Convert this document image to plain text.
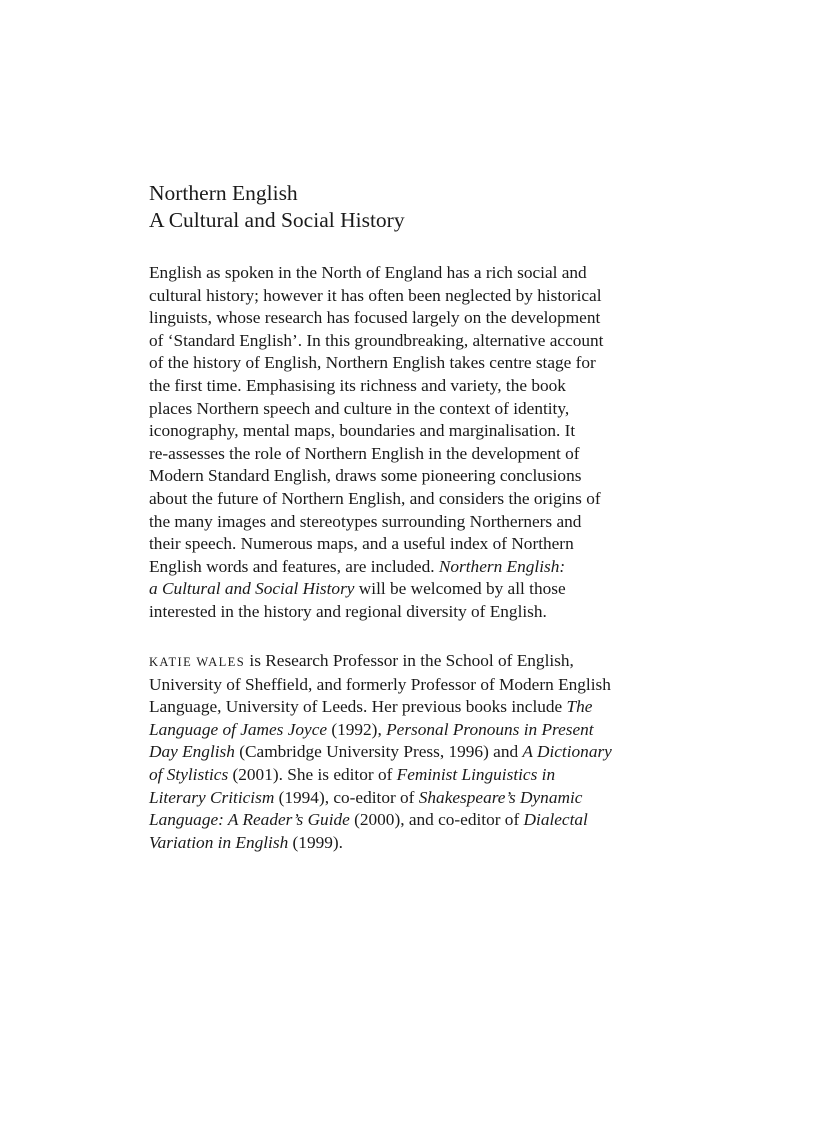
Northern English
A Cultural and Social History
English as spoken in the North of England has a rich social and
cultural history; however it has often been neglected by historical
linguists, whose research has focused largely on the development
of ‘Standard English’. In this groundbreaking, alternative account
of the history of English, Northern English takes centre stage for
the first time. Emphasising its richness and variety, the book
places Northern speech and culture in the context of identity,
iconography, mental maps, boundaries and marginalisation. It
re-assesses the role of Northern English in the development of
Modern Standard English, draws some pioneering conclusions
about the future of Northern English, and considers the origins of
the many images and stereotypes surrounding Northerners and
their speech. Numerous maps, and a useful index of Northern
English words and features, are included. Northern English:
a Cultural and Social History will be welcomed by all those
interested in the history and regional diversity of English.
KATIE WALES is Research Professor in the School of English,
University of Sheffield, and formerly Professor of Modern English
Language, University of Leeds. Her previous books include The
Language of James Joyce (1992), Personal Pronouns in Present
Day English (Cambridge University Press, 1996) and A Dictionary
of Stylistics (2001). She is editor of Feminist Linguistics in
Literary Criticism (1994), co-editor of Shakespeare’s Dynamic
Language: A Reader’s Guide (2000), and co-editor of Dialectal
Variation in English (1999).
